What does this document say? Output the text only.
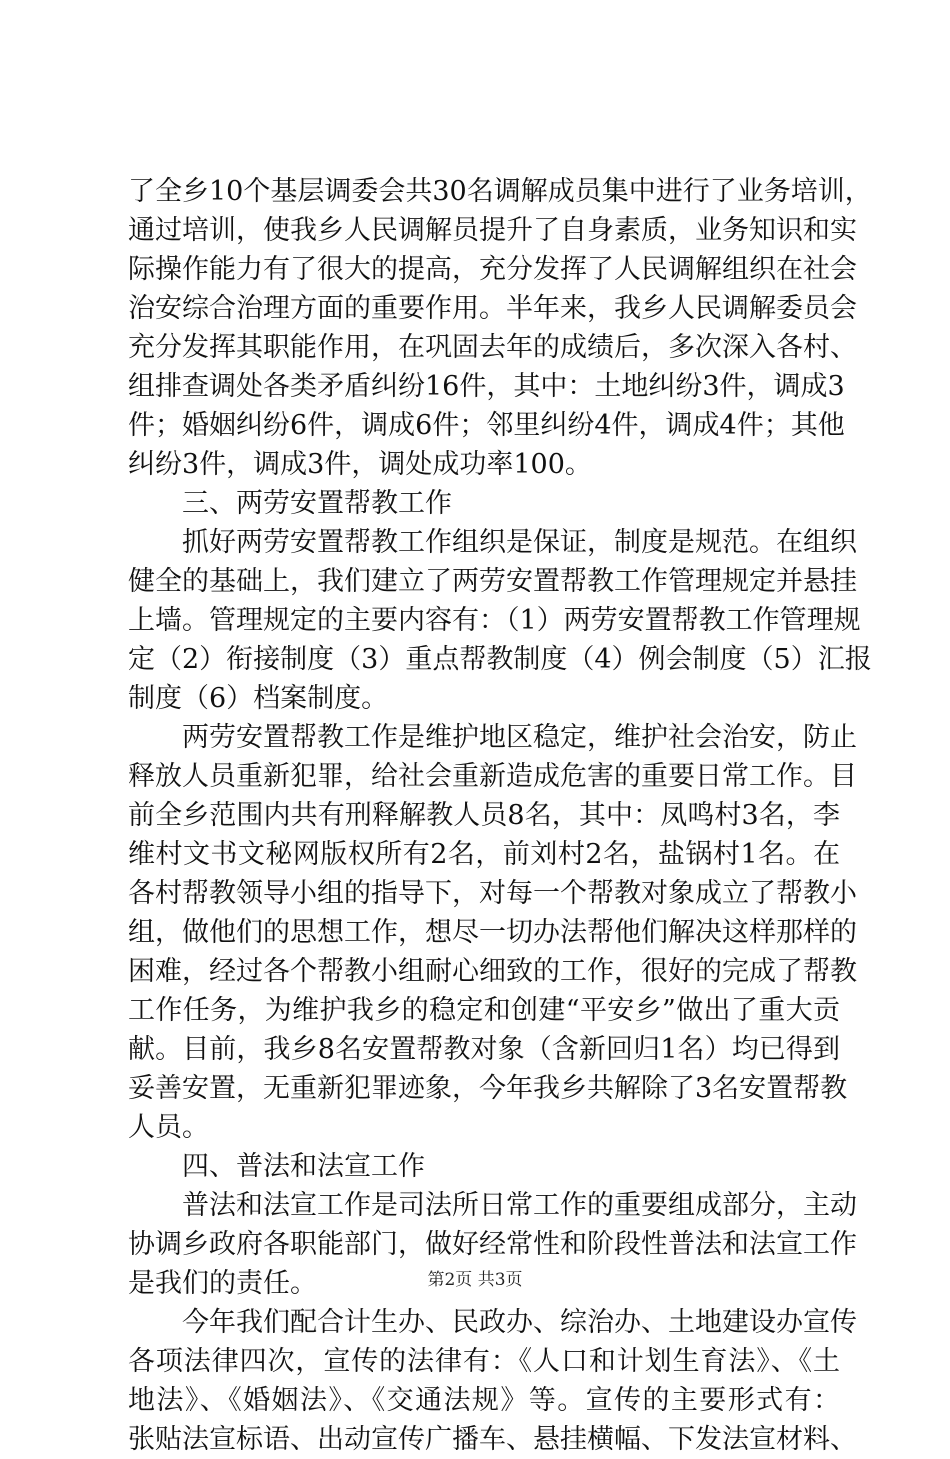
了全乡10个基层调委会共30名调解成员集中进行了业务培训，
通过培训，使我乡人民调解员提升了自身素质，业务知识和实
际操作能力有了很大的提高，充分发挥了人民调解组织在社会
治安综合治理方面的重要作用。半年来，我乡人民调解委员会
充分发挥其职能作用，在巩固去年的成绩后，多次深入各村、
组排查调处各类矛盾纠纷16件，其中：土地纠纷3件，调成3
件；婚姻纠纷6件，调成6件；邻里纠纷4件，调成4件；其他
纠纷3件，调成3件，调处成功率100。
　　三、两劳安置帮教工作
　　抓好两劳安置帮教工作组织是保证，制度是规范。在组织
健全的基础上，我们建立了两劳安置帮教工作管理规定并悬挂
上墙。管理规定的主要内容有：（1）两劳安置帮教工作管理规
定（2）衔接制度（3）重点帮教制度（4）例会制度（5）汇报
制度（6）档案制度。
　　两劳安置帮教工作是维护地区稳定，维护社会治安，防止
释放人员重新犯罪，给社会重新造成危害的重要日常工作。目
前全乡范围内共有刑释解教人员8名，其中：凤鸣村3名，李
维村文书文秘网版权所有2名，前刘村2名，盐锅村1名。在
各村帮教领导小组的指导下，对每一个帮教对象成立了帮教小
组，做他们的思想工作，想尽一切办法帮他们解决这样那样的
困难，经过各个帮教小组耐心细致的工作，很好的完成了帮教
工作任务，为维护我乡的稳定和创建“平安乡”做出了重大贡
献。目前，我乡8名安置帮教对象（含新回归1名）均已得到
妥善安置，无重新犯罪迹象，今年我乡共解除了3名安置帮教
人员。
　　四、普法和法宣工作
　　普法和法宣工作是司法所日常工作的重要组成部分，主动
协调乡政府各职能部门，做好经常性和阶段性普法和法宣工作
是我们的责任。
　　今年我们配合计生办、民政办、综治办、土地建设办宣传
各项法律四次，宣传的法律有：《人口和计划生育法》、《土
地法》、《婚姻法》、《交通法规》等。宣传的主要形式有：
张贴法宣标语、出动宣传广播车、悬挂横幅、下发法宣材料、
第2页 共3页
